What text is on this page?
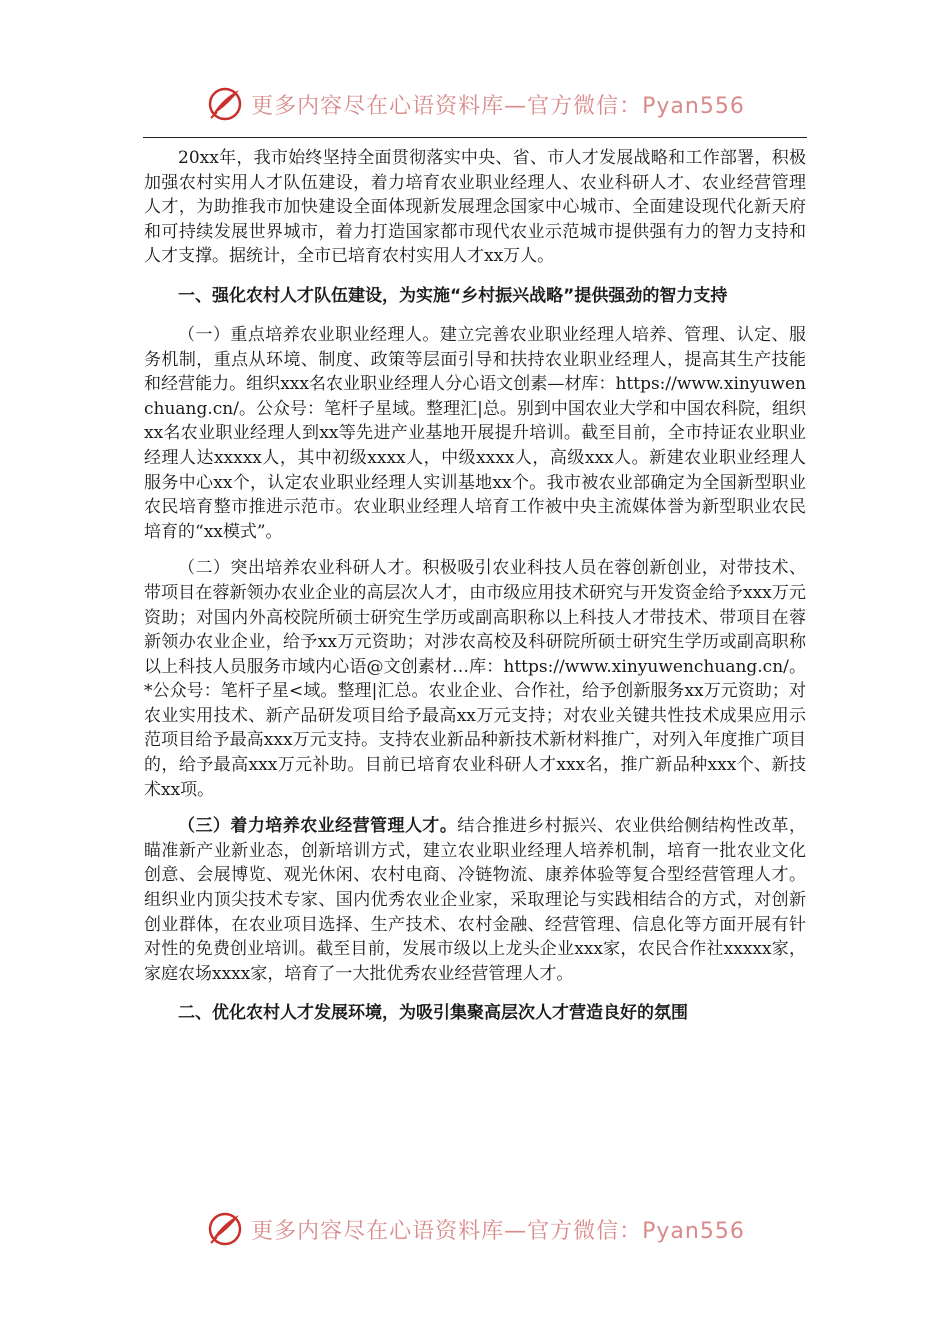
更多内容尽在心语资料库—官方微信：Pyan556

20xx年，我市始终坚持全面贯彻落实中央、省、市人才发展战略和工作部署，积极加强农村实用人才队伍建设，着力培育农业职业经理人、农业科研人才、农业经营管理人才，为助推我市加快建设全面体现新发展理念国家中心城市、全面建设现代化新天府和可持续发展世界城市，着力打造国家都市现代农业示范城市提供强有力的智力支持和人才支撑。据统计，全市已培育农村实用人才xx万人。

一、强化农村人才队伍建设，为实施“乡村振兴战略”提供强劲的智力支持

（一）重点培养农业职业经理人。建立完善农业职业经理人培养、管理、认定、服务机制，重点从环境、制度、政策等层面引导和扶持农业职业经理人，提高其生产技能和经营能力。组织xxx名农业职业经理人分心语文创素—材库：https://www.xinyuwenchuang.cn/。公众号：笔杆子星域。整理汇|总。别到中国农业大学和中国农科院，组织xx名农业职业经理人到xx等先进产业基地开展提升培训。截至目前，全市持证农业职业经理人达xxxxx人，其中初级xxxx人，中级xxxx人，高级xxx人。新建农业职业经理人服务中心xx个，认定农业职业经理人实训基地xx个。我市被农业部确定为全国新型职业农民培育整市推进示范市。农业职业经理人培育工作被中央主流媒体誉为新型职业农民培育的“xx模式”。

（二）突出培养农业科研人才。积极吸引农业科技人员在蓉创新创业，对带技术、带项目在蓉新领办农业企业的高层次人才，由市级应用技术研究与开发资金给予xxx万元资助；对国内外高校院所硕士研究生学历或副高职称以上科技人才带技术、带项目在蓉新领办农业企业，给予xx万元资助；对涉农高校及科研院所硕士研究生学历或副高职称以上科技人员服务市域内心语@文创素材…库：https://www.xinyuwenchuang.cn/。*公众号：笔杆子星<域。整理|汇总。农业企业、合作社，给予创新服务xx万元资助；对农业实用技术、新产品研发项目给予最高xx万元支持；对农业关键共性技术成果应用示范项目给予最高xxx万元支持。支持农业新品种新技术新材料推广，对列入年度推广项目的，给予最高xxx万元补助。目前已培育农业科研人才xxx名，推广新品种xxx个、新技术xx项。

（三）着力培养农业经营管理人才。结合推进乡村振兴、农业供给侧结构性改革，瞄准新产业新业态，创新培训方式，建立农业职业经理人培养机制，培育一批农业文化创意、会展博览、观光休闲、农村电商、冷链物流、康养体验等复合型经营管理人才。组织业内顶尖技术专家、国内优秀农业企业家，采取理论与实践相结合的方式，对创新创业群体，在农业项目选择、生产技术、农村金融、经营管理、信息化等方面开展有针对性的免费创业培训。截至目前，发展市级以上龙头企业xxx家，农民合作社xxxxx家，家庭农场xxxx家，培育了一大批优秀农业经营管理人才。

二、优化农村人才发展环境，为吸引集聚高层次人才营造良好的氛围

更多内容尽在心语资料库—官方微信：Pyan556
